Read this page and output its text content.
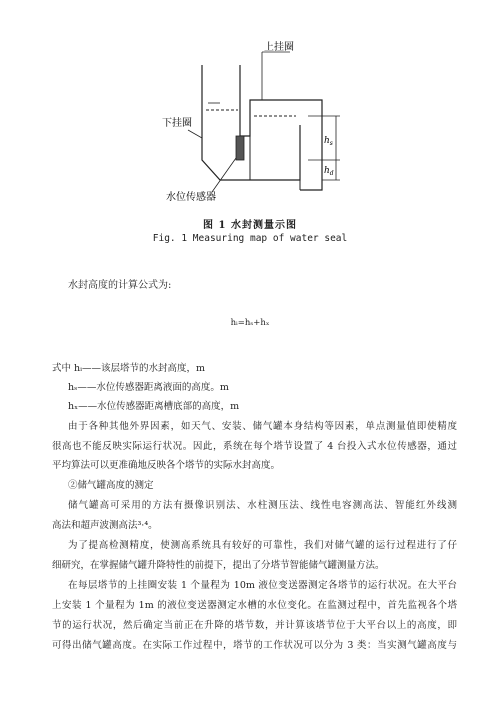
上挂圈
下挂圈
水位传感器
$h_s$
$h_d$
图 1 水封测量示图
Fig. 1 Measuring map of water seal
水封高度的计算公式为:
hᵢ=hₛ+hₓ
式中 hᵢ——该层塔节的水封高度，m
hₛ——水位传感器距离液面的高度。m
hₓ——水位传感器距离槽底部的高度，m
由于各种其他外界因素，如天气、安装、储气罐本身结构等因素，单点测量值即使精度
很高也不能反映实际运行状况。因此，系统在每个塔节设置了 4 台投入式水位传感器，通过
平均算法可以更准确地反映各个塔节的实际水封高度。
②储气罐高度的测定
储气罐高可采用的方法有摄像识别法、水柱测压法、线性电容测高法、智能红外线测
高法和超声波测高法³·⁴。
为了提高检测精度，使测高系统具有较好的可靠性，我们对储气罐的运行过程进行了仔
细研究，在掌握储气罐升降特性的前提下，提出了分塔节智能储气罐测量方法。
在每层塔节的上挂圈安装 1 个量程为 10m 液位变送器测定各塔节的运行状况。在大平台
上安装 1 个量程为 1m 的液位变送器测定水槽的水位变化。在监测过程中，首先监视各个塔
节的运行状况，然后确定当前正在升降的塔节数，并计算该塔节位于大平台以上的高度，即
可得出储气罐高度。在实际工作过程中，塔节的工作状况可以分为 3 类：当实测气罐高度与
